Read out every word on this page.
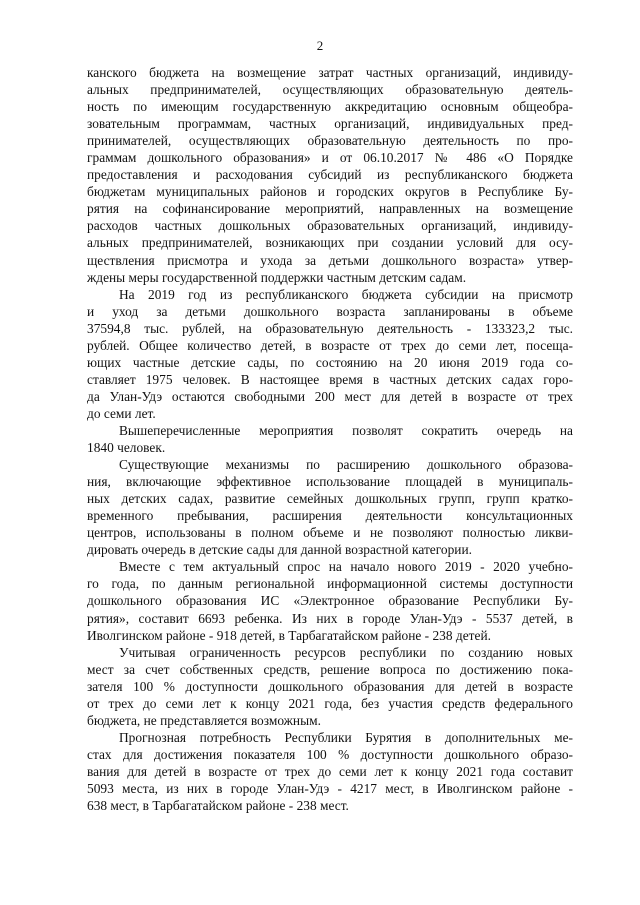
2

канского бюджета на возмещение затрат частных организаций, индивиду-
альных предпринимателей, осуществляющих образовательную деятель-
ность по имеющим государственную аккредитацию основным общеобра-
зовательным программам, частных организаций, индивидуальных пред-
принимателей, осуществляющих образовательную деятельность по про-
граммам дошкольного образования» и от 06.10.2017 № 486 «О Порядке
предоставления и расходования субсидий из республиканского бюджета
бюджетам муниципальных районов и городских округов в Республике Бу-
рятия на софинансирование мероприятий, направленных на возмещение
расходов частных дошкольных образовательных организаций, индивиду-
альных предпринимателей, возникающих при создании условий для осу-
ществления присмотра и ухода за детьми дошкольного возраста» утвер-
ждены меры государственной поддержки частным детским садам.

На 2019 год из республиканского бюджета субсидии на присмотр
и уход за детьми дошкольного возраста запланированы в объеме
37594,8 тыс. рублей, на образовательную деятельность - 133323,2 тыс.
рублей. Общее количество детей, в возрасте от трех до семи лет, посеща-
ющих частные детские сады, по состоянию на 20 июня 2019 года со-
ставляет 1975 человек. В настоящее время в частных детских садах горо-
да Улан-Удэ остаются свободными 200 мест для детей в возрасте от трех
до семи лет.

Вышеперечисленные мероприятия позволят сократить очередь на
1840 человек.

Существующие механизмы по расширению дошкольного образова-
ния, включающие эффективное использование площадей в муниципаль-
ных детских садах, развитие семейных дошкольных групп, групп кратко-
временного пребывания, расширения деятельности консультационных
центров, использованы в полном объеме и не позволяют полностью ликви-
дировать очередь в детские сады для данной возрастной категории.

Вместе с тем актуальный спрос на начало нового 2019 - 2020 учебно-
го года, по данным региональной информационной системы доступности
дошкольного образования ИС «Электронное образование Республики Бу-
рятия», составит 6693 ребенка. Из них в городе Улан-Удэ - 5537 детей, в
Иволгинском районе - 918 детей, в Тарбагатайском районе - 238 детей.

Учитывая ограниченность ресурсов республики по созданию новых
мест за счет собственных средств, решение вопроса по достижению пока-
зателя 100 % доступности дошкольного образования для детей в возрасте
от трех до семи лет к концу 2021 года, без участия средств федерального
бюджета, не представляется возможным.

Прогнозная потребность Республики Бурятия в дополнительных ме-
стах для достижения показателя 100 % доступности дошкольного образо-
вания для детей в возрасте от трех до семи лет к концу 2021 года составит
5093 места, из них в городе Улан-Удэ - 4217 мест, в Иволгинском районе -
638 мест, в Тарбагатайском районе - 238 мест.
